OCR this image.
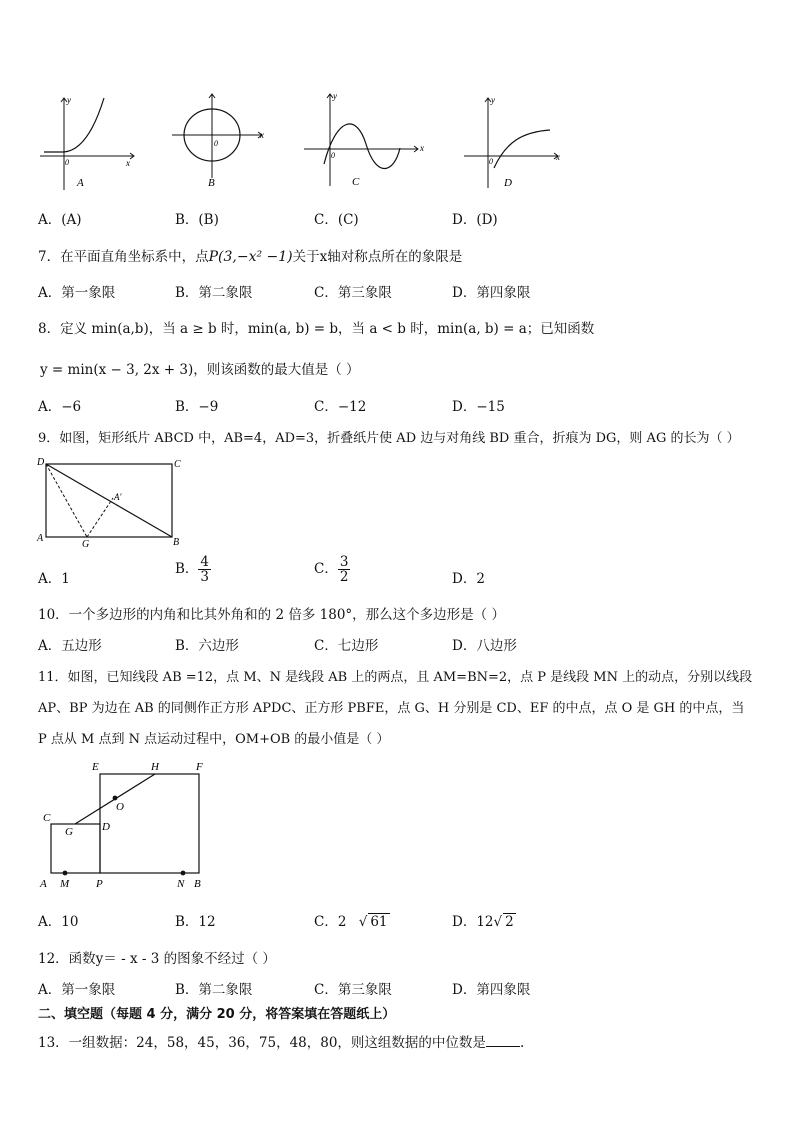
x
y
0
A
x
0
B
x
y
0
C
x
y
0
D
A．(A)	B．(B)	C．(C)	D．(D)
7．在平面直角坐标系中，点P(3,−x² −1)关于x轴对称点所在的象限是
A．第一象限	B．第二象限	C．第三象限	D．第四象限
8．定义 min(a,b)，当 a ≥ b 时，min(a, b) = b，当 a < b 时，min(a, b) = a；已知函数
y = min(x − 3, 2x + 3)，则该函数的最大值是（ ）
A．−6	B．−9	C．−12	D．−15
9．如图，矩形纸片 ABCD 中，AB=4，AD=3，折叠纸片使 AD 边与对角线 BD 重合，折痕为 DG，则 AG 的长为（ ）
D	C
A	B
G
A′
A．1
B． $\frac{4}{3}$	C． $\frac{3}{2}$	D．2
10．一个多边形的内角和比其外角和的 2 倍多 180°，那么这个多边形是（ ）
A．五边形	B．六边形	C．七边形	D．八边形
11．如图，已知线段 AB =12，点 M、N 是线段 AB 上的两点，且 AM=BN=2，点 P 是线段 MN 上的动点，分别以线段
AP、BP 为边在 AB 的同侧作正方形 APDC、正方形 PBFE，点 G、H 分别是 CD、EF 的中点，点 O 是 GH 的中点，当
P 点从 M 点到 N 点运动过程中，OM+OB 的最小值是（ ）
E	H	F
O
C
G	D
A M P	N B
A．10	B．12	C．2 √ 61	D．12√ 2
12．函数y＝ - x - 3 的图象不经过（ ）
A．第一象限	B．第二象限	C．第三象限	D．第四象限
二、填空题（每题 4 分，满分 20 分，将答案填在答题纸上）
13．一组数据：24，58，45，36，75，48，80，则这组数据的中位数是	.
